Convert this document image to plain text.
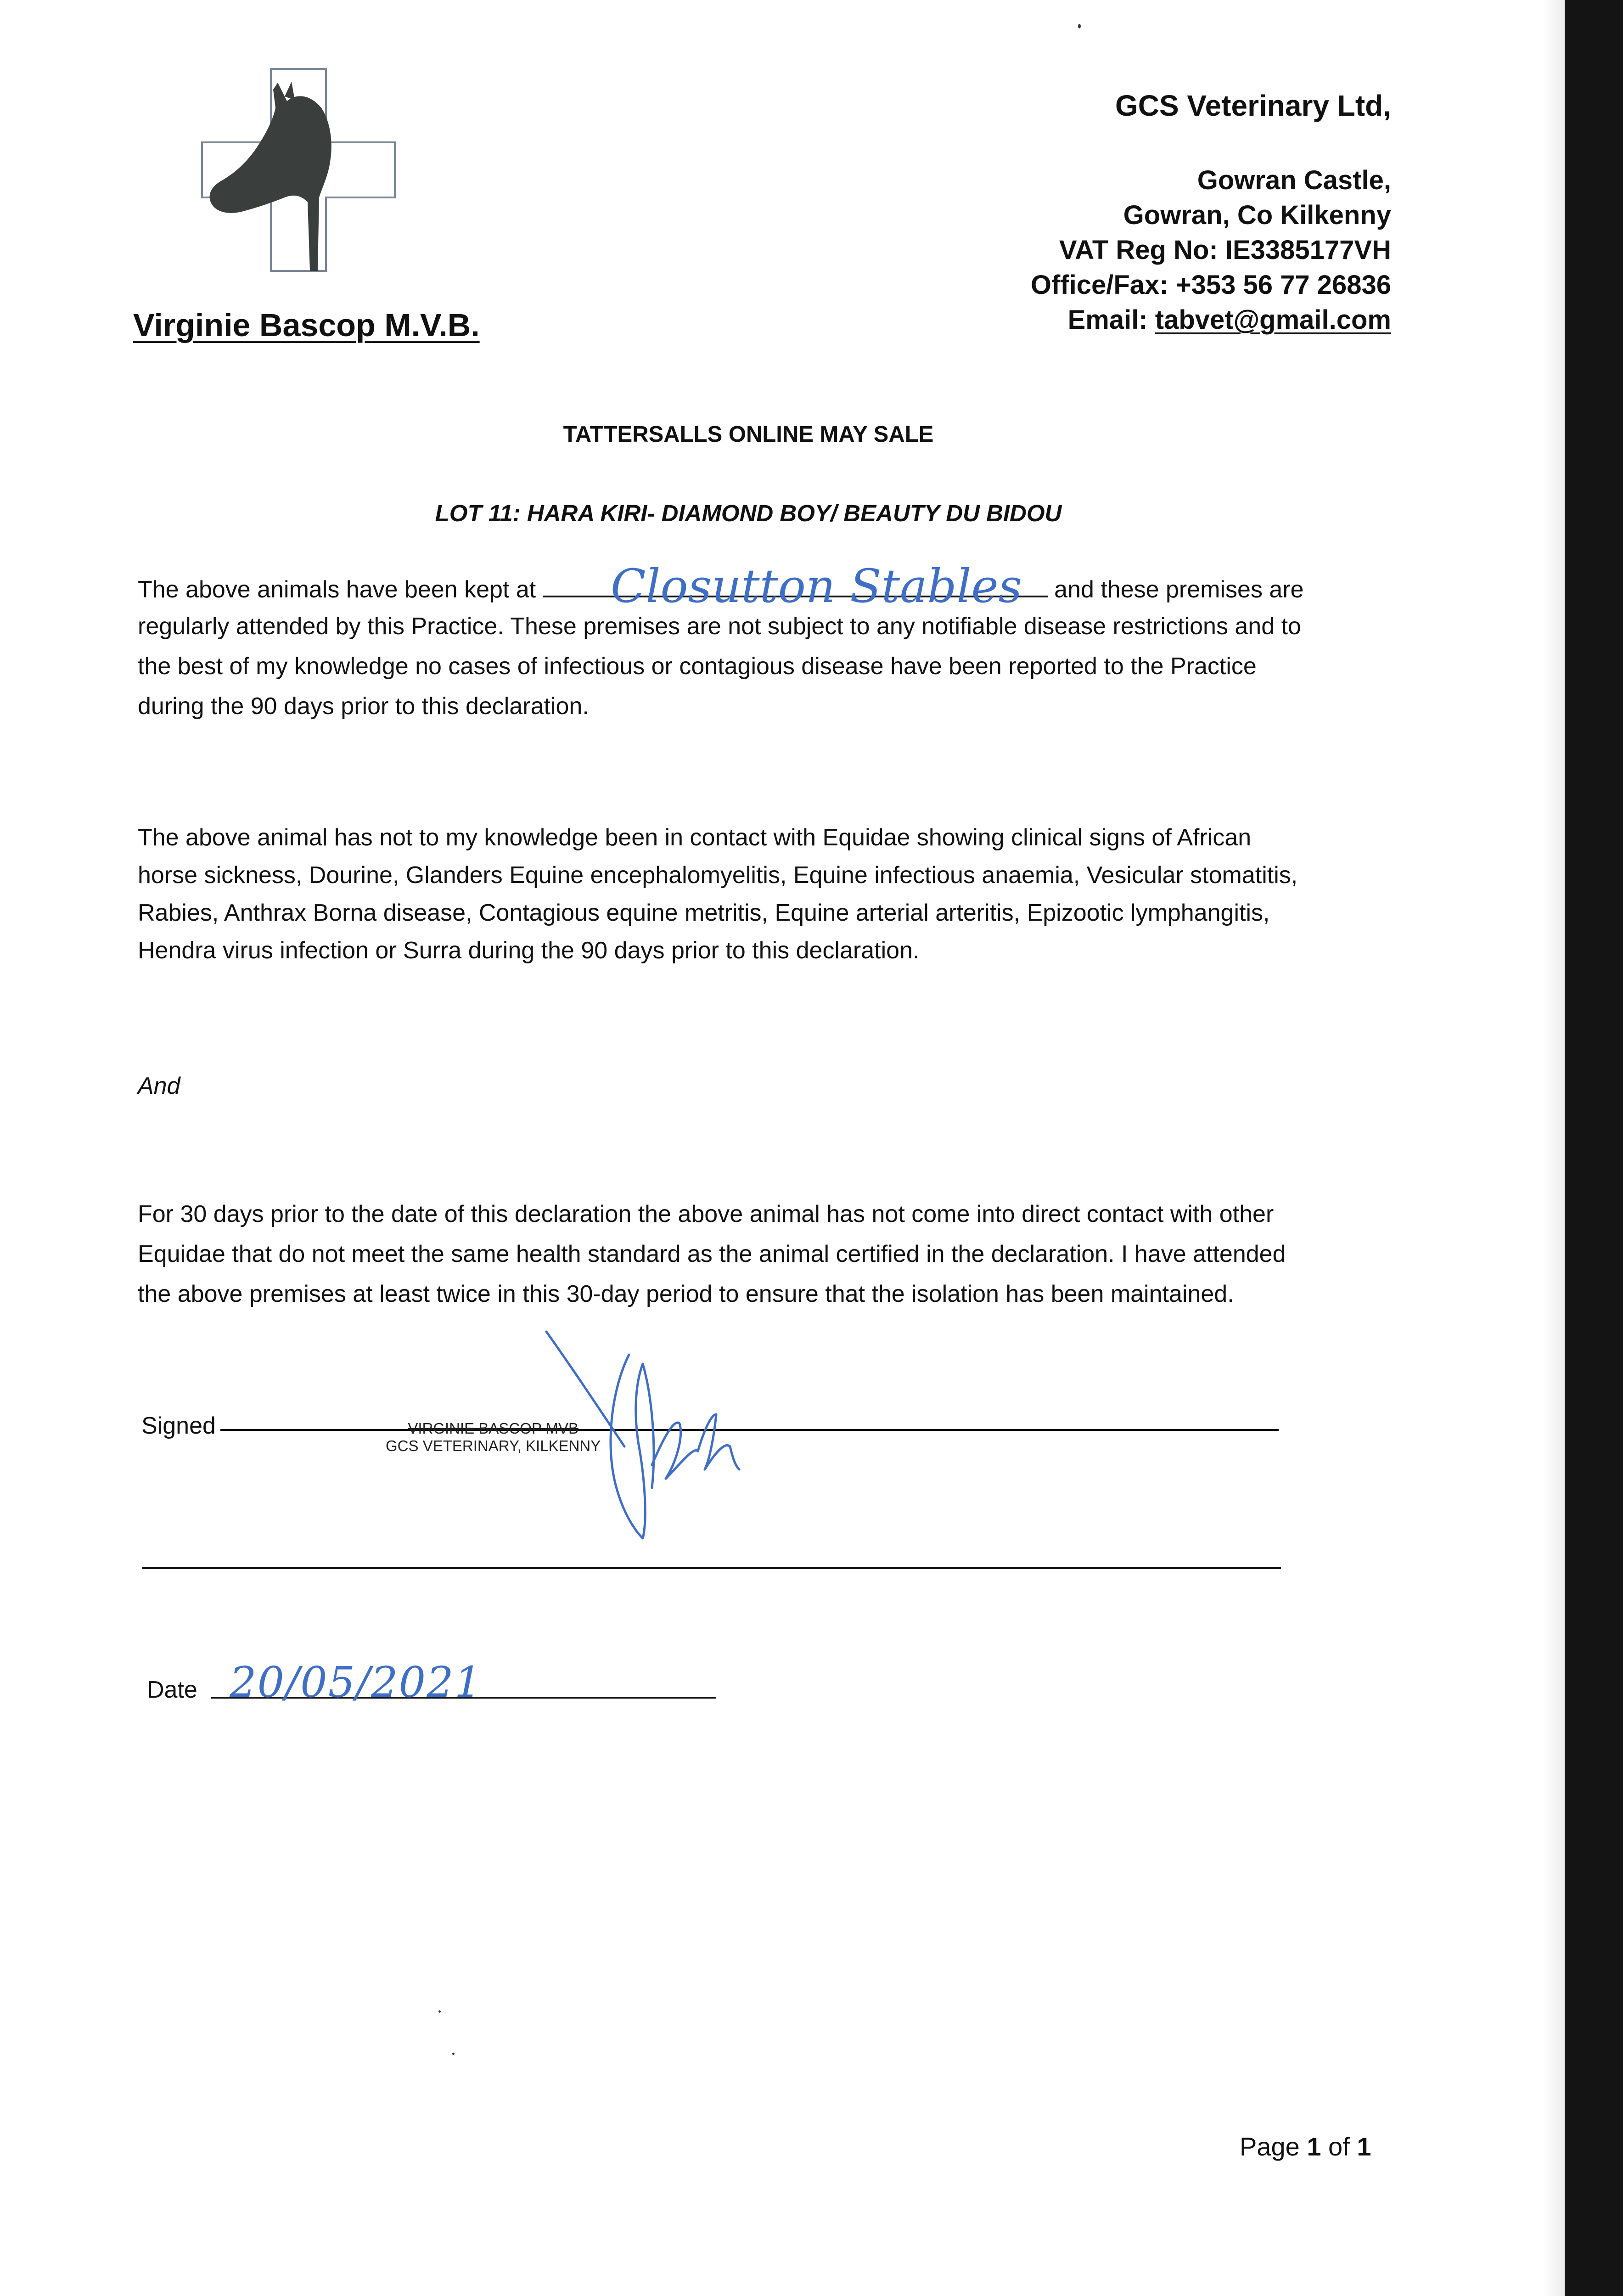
Virginie Bascop M.V.B.
GCS Veterinary Ltd,
Gowran Castle,
Gowran, Co Kilkenny
VAT Reg No: IE3385177VH
Office/Fax: +353 56 77 26836
Email: tabvet@gmail.com
TATTERSALLS ONLINE MAY SALE
LOT 11: HARA KIRI- DIAMOND BOY/ BEAUTY DU BIDOU
The above animals have been kept at	and these premises are
Closutton Stables
regularly attended by this Practice. These premises are not subject to any notifiable disease restrictions and to
the best of my knowledge no cases of infectious or contagious disease have been reported to the Practice
during the 90 days prior to this declaration.
The above animal has not to my knowledge been in contact with Equidae showing clinical signs of African
horse sickness, Dourine, Glanders Equine encephalomyelitis, Equine infectious anaemia, Vesicular stomatitis,
Rabies, Anthrax Borna disease, Contagious equine metritis, Equine arterial arteritis, Epizootic lymphangitis,
Hendra virus infection or Surra during the 90 days prior to this declaration.
And
For 30 days prior to the date of this declaration the above animal has not come into direct contact with other
Equidae that do not meet the same health standard as the animal certified in the declaration. I have attended
the above premises at least twice in this 30-day period to ensure that the isolation has been maintained.
Signed	VIRGINIE BASCOP MVB
GCS VETERINARY, KILKENNY
Date 20/05/2021
Page 1 of 1
